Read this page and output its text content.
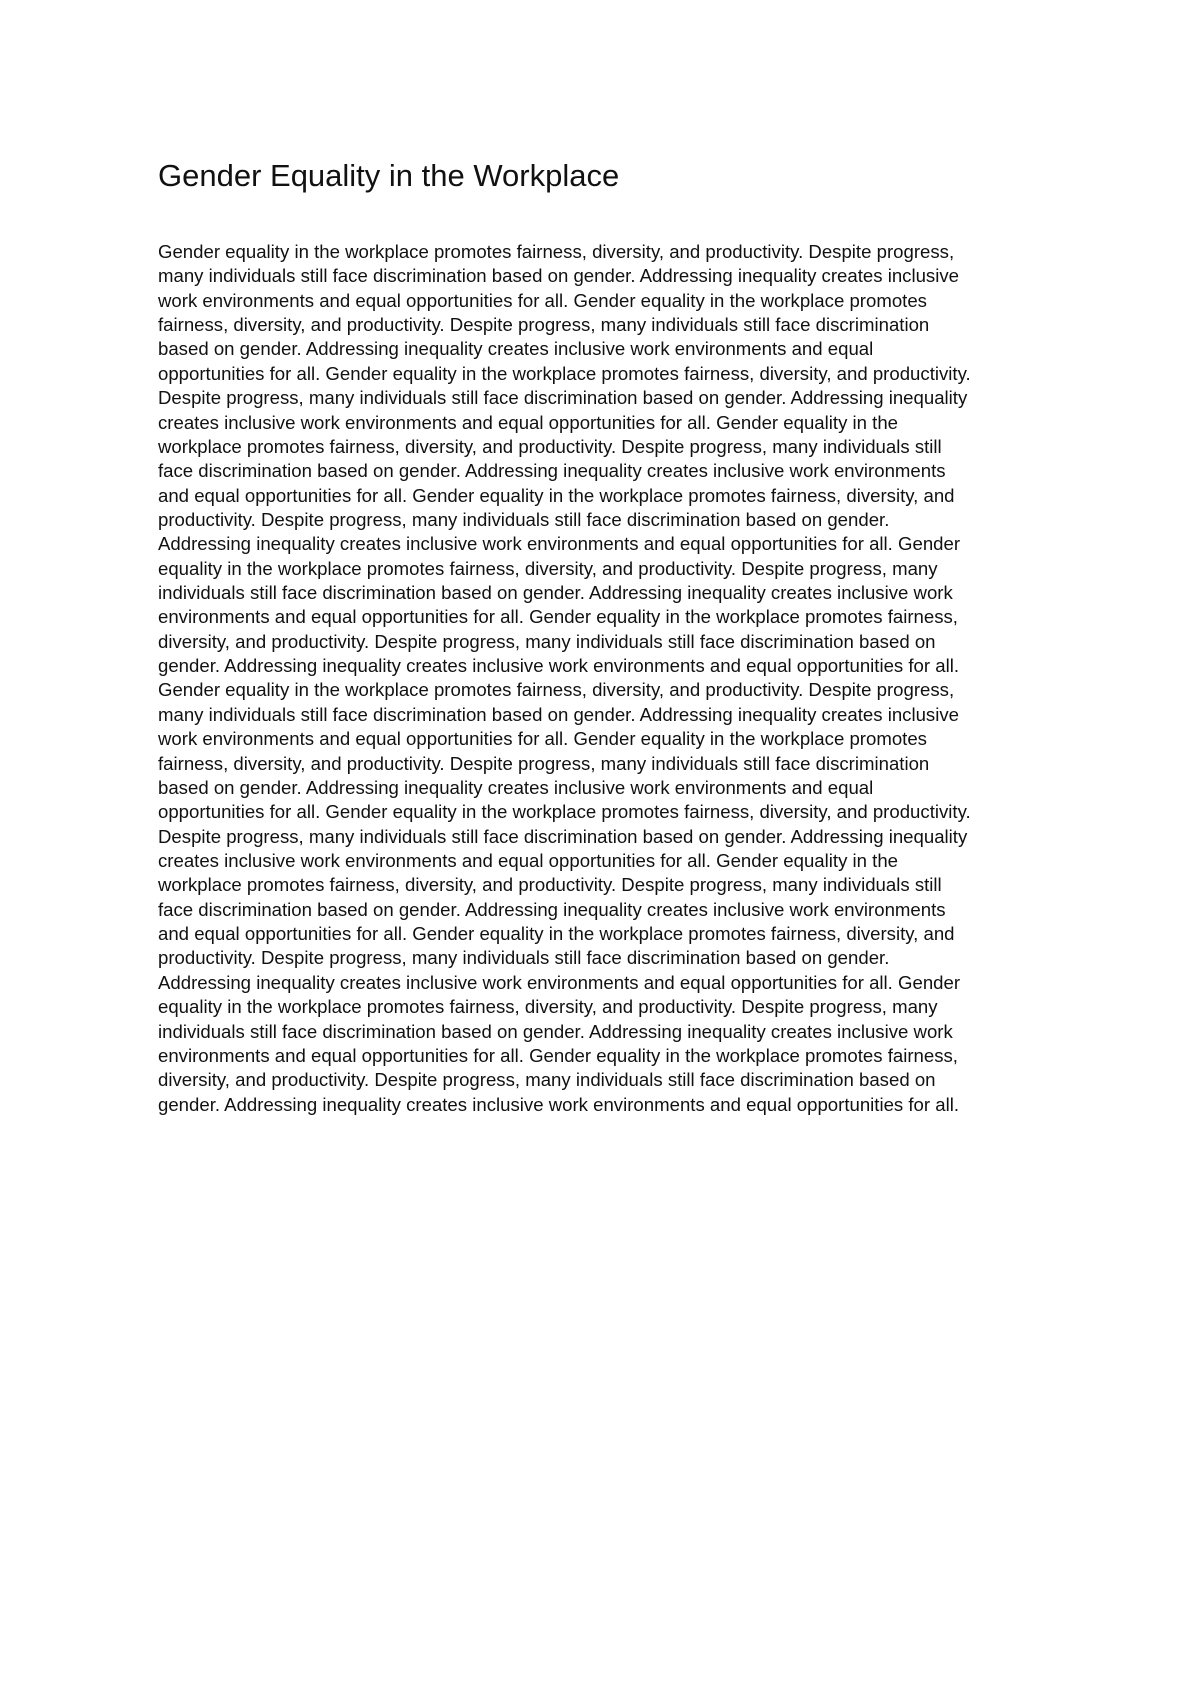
Gender Equality in the Workplace
Gender equality in the workplace promotes fairness, diversity, and productivity. Despite progress,
many individuals still face discrimination based on gender. Addressing inequality creates inclusive
work environments and equal opportunities for all. Gender equality in the workplace promotes
fairness, diversity, and productivity. Despite progress, many individuals still face discrimination
based on gender. Addressing inequality creates inclusive work environments and equal
opportunities for all. Gender equality in the workplace promotes fairness, diversity, and productivity.
Despite progress, many individuals still face discrimination based on gender. Addressing inequality
creates inclusive work environments and equal opportunities for all. Gender equality in the
workplace promotes fairness, diversity, and productivity. Despite progress, many individuals still
face discrimination based on gender. Addressing inequality creates inclusive work environments
and equal opportunities for all. Gender equality in the workplace promotes fairness, diversity, and
productivity. Despite progress, many individuals still face discrimination based on gender.
Addressing inequality creates inclusive work environments and equal opportunities for all. Gender
equality in the workplace promotes fairness, diversity, and productivity. Despite progress, many
individuals still face discrimination based on gender. Addressing inequality creates inclusive work
environments and equal opportunities for all. Gender equality in the workplace promotes fairness,
diversity, and productivity. Despite progress, many individuals still face discrimination based on
gender. Addressing inequality creates inclusive work environments and equal opportunities for all.
Gender equality in the workplace promotes fairness, diversity, and productivity. Despite progress,
many individuals still face discrimination based on gender. Addressing inequality creates inclusive
work environments and equal opportunities for all. Gender equality in the workplace promotes
fairness, diversity, and productivity. Despite progress, many individuals still face discrimination
based on gender. Addressing inequality creates inclusive work environments and equal
opportunities for all. Gender equality in the workplace promotes fairness, diversity, and productivity.
Despite progress, many individuals still face discrimination based on gender. Addressing inequality
creates inclusive work environments and equal opportunities for all. Gender equality in the
workplace promotes fairness, diversity, and productivity. Despite progress, many individuals still
face discrimination based on gender. Addressing inequality creates inclusive work environments
and equal opportunities for all. Gender equality in the workplace promotes fairness, diversity, and
productivity. Despite progress, many individuals still face discrimination based on gender.
Addressing inequality creates inclusive work environments and equal opportunities for all. Gender
equality in the workplace promotes fairness, diversity, and productivity. Despite progress, many
individuals still face discrimination based on gender. Addressing inequality creates inclusive work
environments and equal opportunities for all. Gender equality in the workplace promotes fairness,
diversity, and productivity. Despite progress, many individuals still face discrimination based on
gender. Addressing inequality creates inclusive work environments and equal opportunities for all.
